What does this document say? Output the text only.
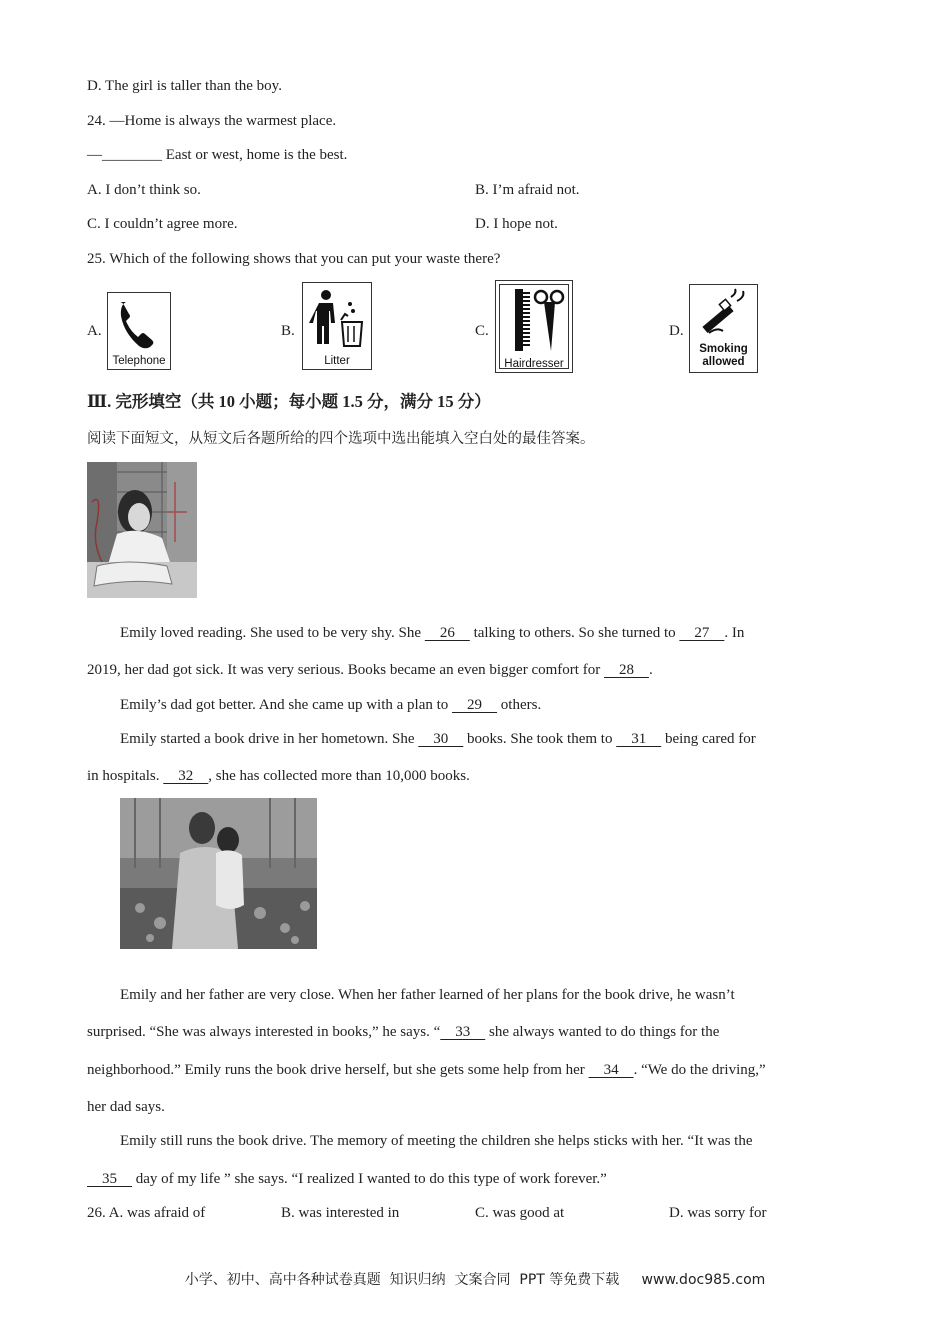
D. The girl is taller than the boy.
24. —Home is always the warmest place.
—________ East or west, home is the best.
A. I don’t think so.	B. I’m afraid not.
C. I couldn’t agree more.	D. I hope not.
25. Which of the following shows that you can put your waste there?
A.
Telephone
B.
Litter
C.
Hairdresser
D.
Smoking
allowed
Ⅲ. 完形填空（共 10 小题；每小题 1.5 分，满分 15 分）
阅读下面短文，从短文后各题所给的四个选项中选出能填入空白处的最佳答案。
Emily loved reading. She used to be very shy. She     26     talking to others. So she turned to     27    . In
2019, her dad got sick. It was very serious. Books became an even bigger comfort for     28    .
Emily’s dad got better. And she came up with a plan to     29     others.
Emily started a book drive in her hometown. She     30     books. She took them to     31     being cared for
in hospitals.     32    , she has collected more than 10,000 books.
Emily and her father are very close. When her father learned of her plans for the book drive, he wasn’t
surprised. “She was always interested in books,” he says. “    33     she always wanted to do things for the
neighborhood.” Emily runs the book drive herself, but she gets some help from her     34    . “We do the driving,”
her dad says.
Emily still runs the book drive. The memory of meeting the children she helps sticks with her. “It was the
35     day of my life ” she says. “I realized I wanted to do this type of work forever.”
26. A. was afraid of	B. was interested in	C. was good at	D. was sorry for
小学、初中、高中各种试卷真题  知识归纳  文案合同  PPT 等免费下载     www.doc985.com
